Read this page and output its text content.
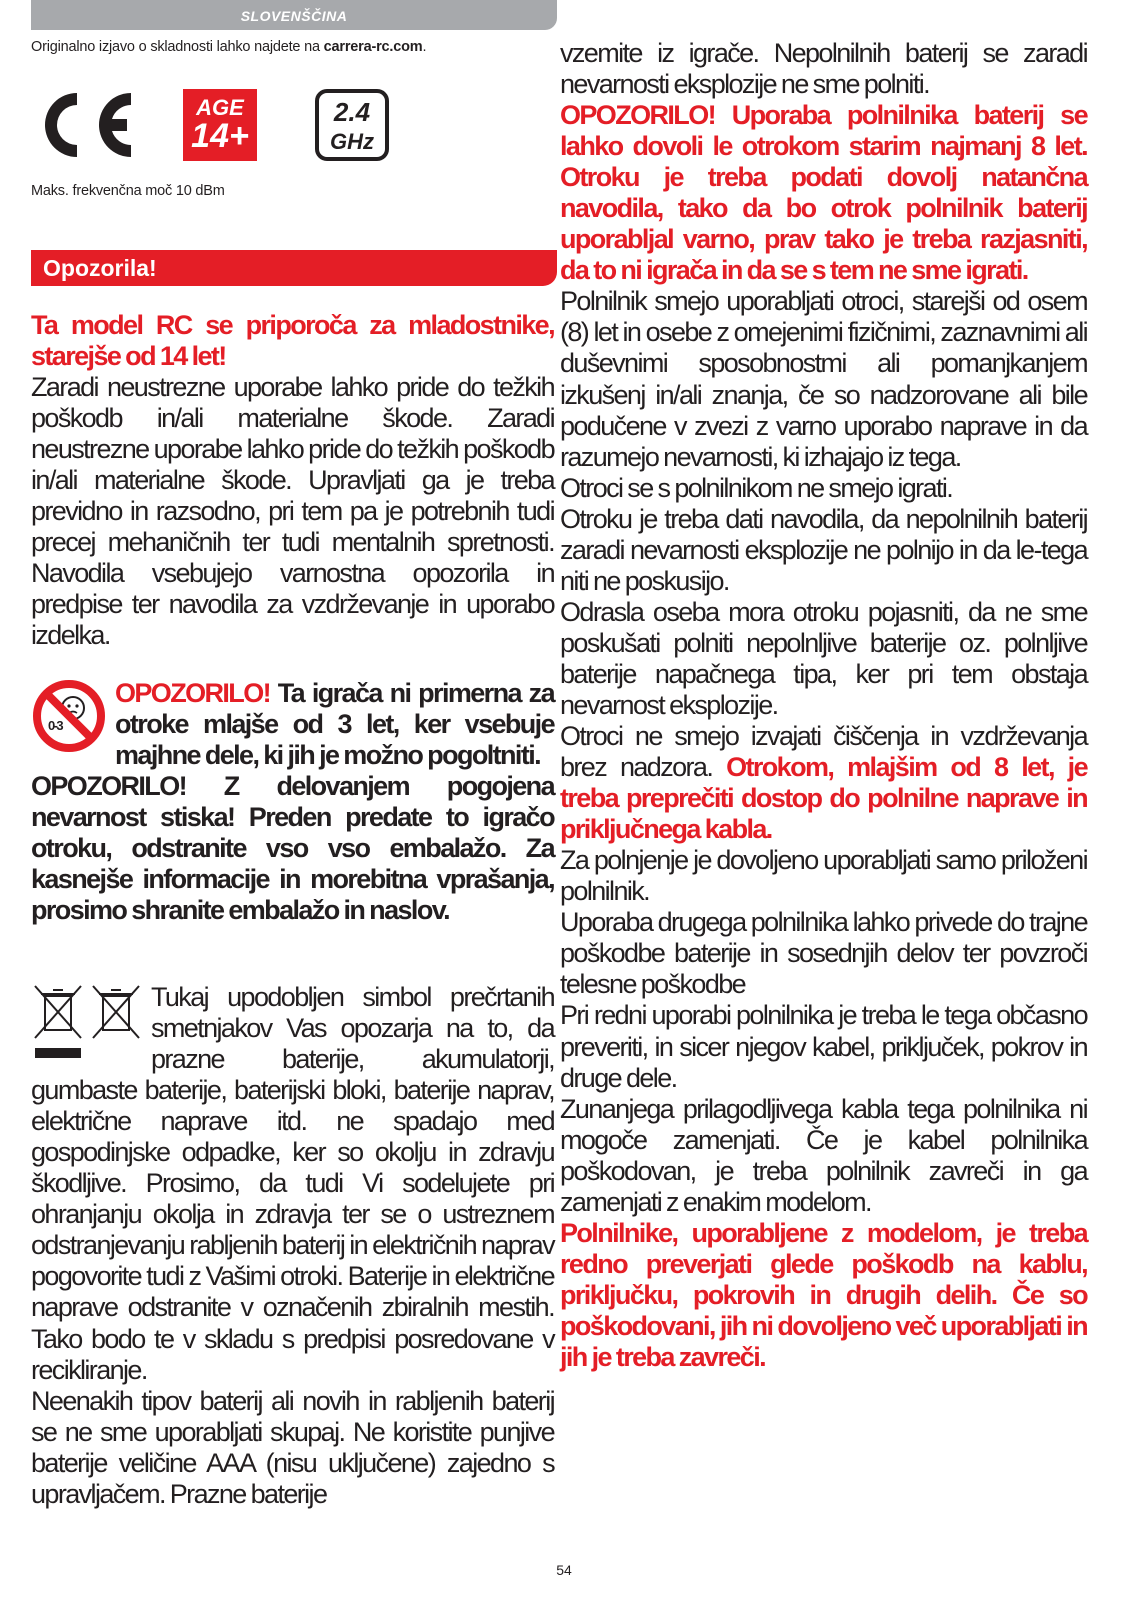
SLOVENŠČINA
Originalno izjavo o skladnosti lahko najdete na carrera-rc.com.
AGE
14+
2.4
GHz
Maks. frekvenčna moč 10 dBm
Opozorila!

Ta model RC se priporoča za mladostnike, starejše od 14 let!

Zaradi neustrezne uporabe lahko pride do težkih poškodb in/ali materialne škode. Zaradi neustrezne uporabe lahko pride do težkih poškodb in/ali materialne škode. Upravljati ga je treba previdno in razsodno, pri tem pa je potrebnih tudi precej mehaničnih ter tudi mentalnih spretnosti. Navodila vsebujejo varnostna opozorila in predpise ter navodila za vzdrževanje in uporabo izdelka.

0-3
OPOZORILO! Ta igrača ni primerna za otroke mlajše od 3 let, ker vsebuje majhne dele, ki jih je možno pogoltniti.

OPOZORILO! Z delovanjem pogojena nevarnost stiska! Preden predate to igračo otroku, odstranite vso vso embalažo. Za kasnejše informacije in morebitna vprašanja, prosimo shranite embalažo in naslov.

Tukaj upodobljen simbol prečrtanih smetnjakov Vas opozarja na to, da prazne baterije, akumulatorji, gumbaste baterije, baterijski bloki, baterije naprav, električne naprave itd. ne spadajo med gospodinjske odpadke, ker so okolju in zdravju škodljive. Prosimo, da tudi Vi sodelujete pri ohranjanju okolja in zdravja ter se o ustreznem odstranjevanju rabljenih baterij in električnih naprav pogovorite tudi z Vašimi otroki. Baterije in električne naprave odstranite v označenih zbiralnih mestih. Tako bodo te v skladu s predpisi posredovane v recikliranje.

Neenakih tipov baterij ali novih in rabljenih baterij se ne sme uporabljati skupaj. Ne koristite punjive baterije veličine AAA (nisu uključene) zajedno s upravljačem. Prazne baterije

vzemite iz igrače. Nepolnilnih baterij se zaradi nevarnosti eksplozije ne sme polniti.

OPOZORILO! Uporaba polnilnika baterij se lahko dovoli le otrokom starim najmanj 8 let. Otroku je treba podati dovolj natančna navodila, tako da bo otrok polnilnik baterij uporabljal varno, prav tako je treba razjasniti, da to ni igrača in da se s tem ne sme igrati.

Polnilnik smejo uporabljati otroci, starejši od osem (8) let in osebe z omejenimi fizičnimi, zaznavnimi ali duševnimi sposobnostmi ali pomanjkanjem izkušenj in/ali znanja, če so nadzorovane ali bile podučene v zvezi z varno uporabo naprave in da razumejo nevarnosti, ki izhajajo iz tega.

Otroci se s polnilnikom ne smejo igrati.

Otroku je treba dati navodila, da nepolnilnih baterij zaradi nevarnosti eksplozije ne polnijo in da le-tega niti ne poskusijo.

Odrasla oseba mora otroku pojasniti, da ne sme poskušati polniti nepolnljive baterije oz. polnljive baterije napačnega tipa, ker pri tem obstaja nevarnost eksplozije.

Otroci ne smejo izvajati čiščenja in vzdrževanja brez nadzora. Otrokom, mlajšim od 8 let, je treba preprečiti dostop do polnilne naprave in priključnega kabla.

Za polnjenje je dovoljeno uporabljati samo priloženi polnilnik.

Uporaba drugega polnilnika lahko privede do trajne poškodbe baterije in sosednjih delov ter povzroči telesne poškodbe

Pri redni uporabi polnilnika je treba le tega občasno preveriti, in sicer njegov kabel, priključek, pokrov in druge dele.

Zunanjega prilagodljivega kabla tega polnilnika ni mogoče zamenjati. Če je kabel polnilnika poškodovan, je treba polnilnik zavreči in ga zamenjati z enakim modelom.

Polnilnike, uporabljene z modelom, je treba redno preverjati glede poškodb na kablu, priključku, pokrovih in drugih delih. Če so poškodovani, jih ni dovoljeno več uporabljati in jih je treba zavreči.

54
